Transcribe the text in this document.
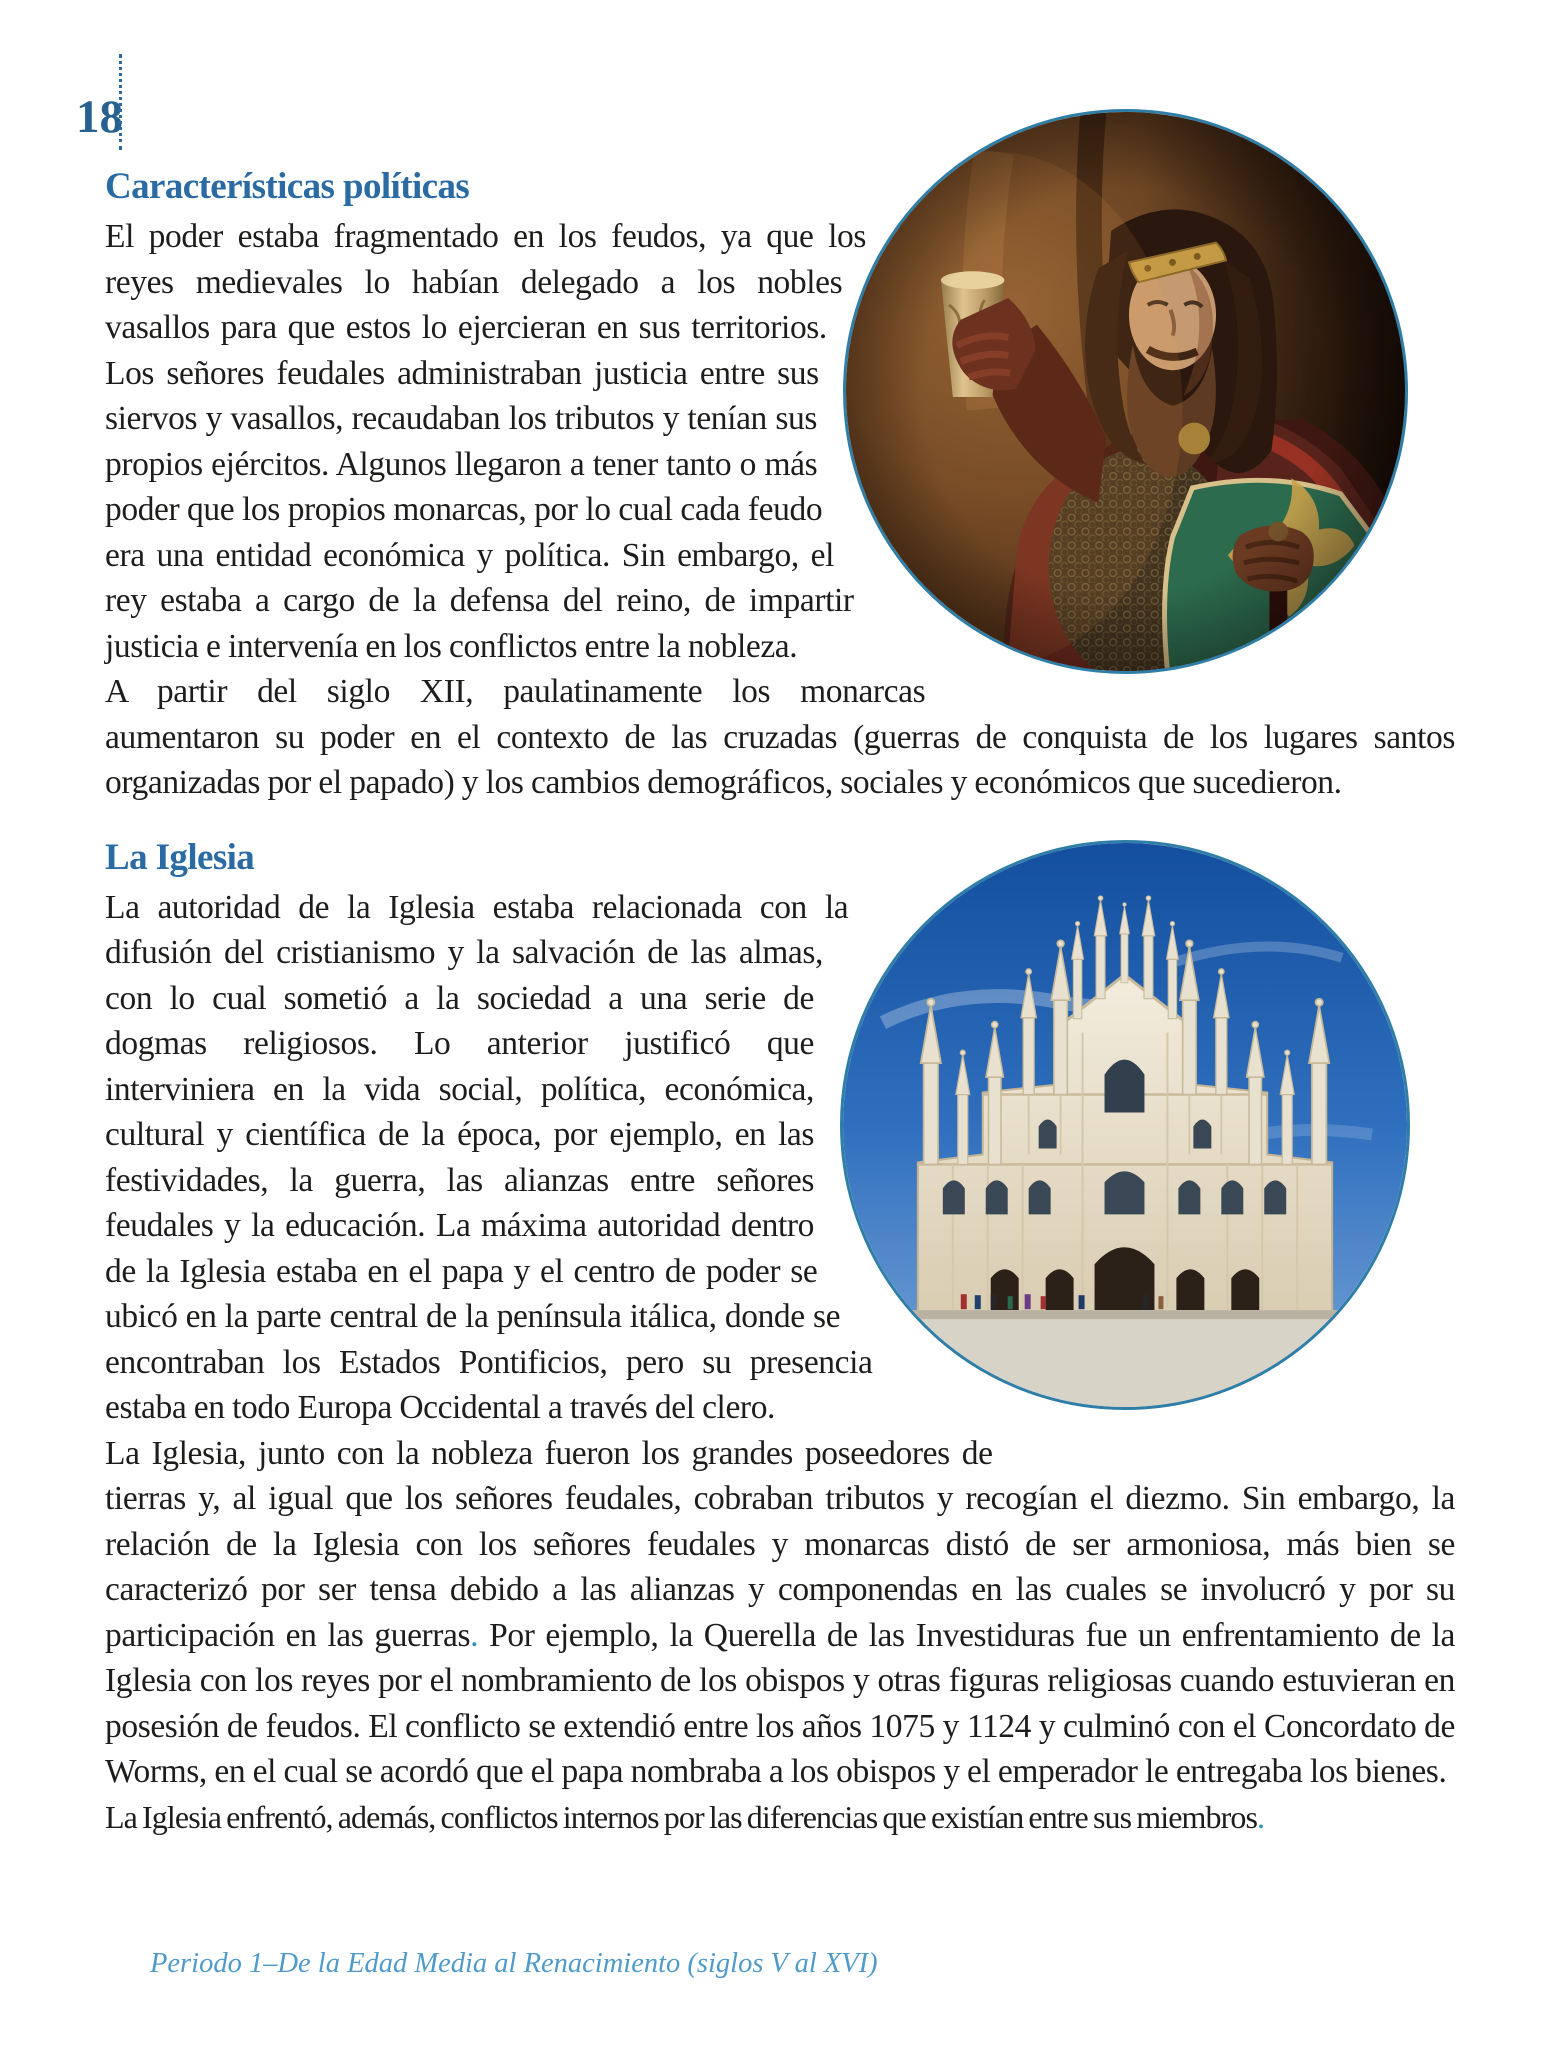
18
Características políticas

El poder estaba fragmentado en los feudos, ya que los reyes medievales lo habían delegado a los nobles vasallos para que estos lo ejercieran en sus territorios. Los señores feudales administraban justicia entre sus siervos y vasallos, recaudaban los tributos y tenían sus propios ejércitos. Algunos llegaron a tener tanto o más poder que los propios monarcas, por lo cual cada feudo era una entidad económica y política. Sin embargo, el rey estaba a cargo de la defensa del reino, de impartir justicia e intervenía en los conflictos entre la nobleza.

A partir del siglo XII, paulatinamente los monarcas aumentaron su poder en el contexto de las cruzadas (guerras de conquista de los lugares santos organizadas por el papado) y los cambios demográficos, sociales y económicos que sucedieron.

La Iglesia

La autoridad de la Iglesia estaba relacionada con la difusión del cristianismo y la salvación de las almas, con lo cual sometió a la sociedad a una serie de dogmas religiosos. Lo anterior justificó que interviniera en la vida social, política, económica, cultural y científica de la época, por ejemplo, en las festividades, la guerra, las alianzas entre señores feudales y la educación. La máxima autoridad dentro de la Iglesia estaba en el papa y el centro de poder se ubicó en la parte central de la península itálica, donde se encontraban los Estados Pontificios, pero su presencia estaba en todo Europa Occidental a través del clero.

La Iglesia, junto con la nobleza fueron los grandes poseedores de tierras y, al igual que los señores feudales, cobraban tributos y recogían el diezmo. Sin embargo, la relación de la Iglesia con los señores feudales y monarcas distó de ser armoniosa, más bien se caracterizó por ser tensa debido a las alianzas y componendas en las cuales se involucró y por su participación en las guerras. Por ejemplo, la Querella de las Investiduras fue un enfrentamiento de la Iglesia con los reyes por el nombramiento de los obispos y otras figuras religiosas cuando estuvieran en posesión de feudos. El conflicto se extendió entre los años 1075 y 1124 y culminó con el Concordato de Worms, en el cual se acordó que el papa nombraba a los obispos y el emperador le entregaba los bienes.

La Iglesia enfrentó, además, conflictos internos por las diferencias que existían entre sus miembros.

Periodo 1–De la Edad Media al Renacimiento (siglos V al XVI)
